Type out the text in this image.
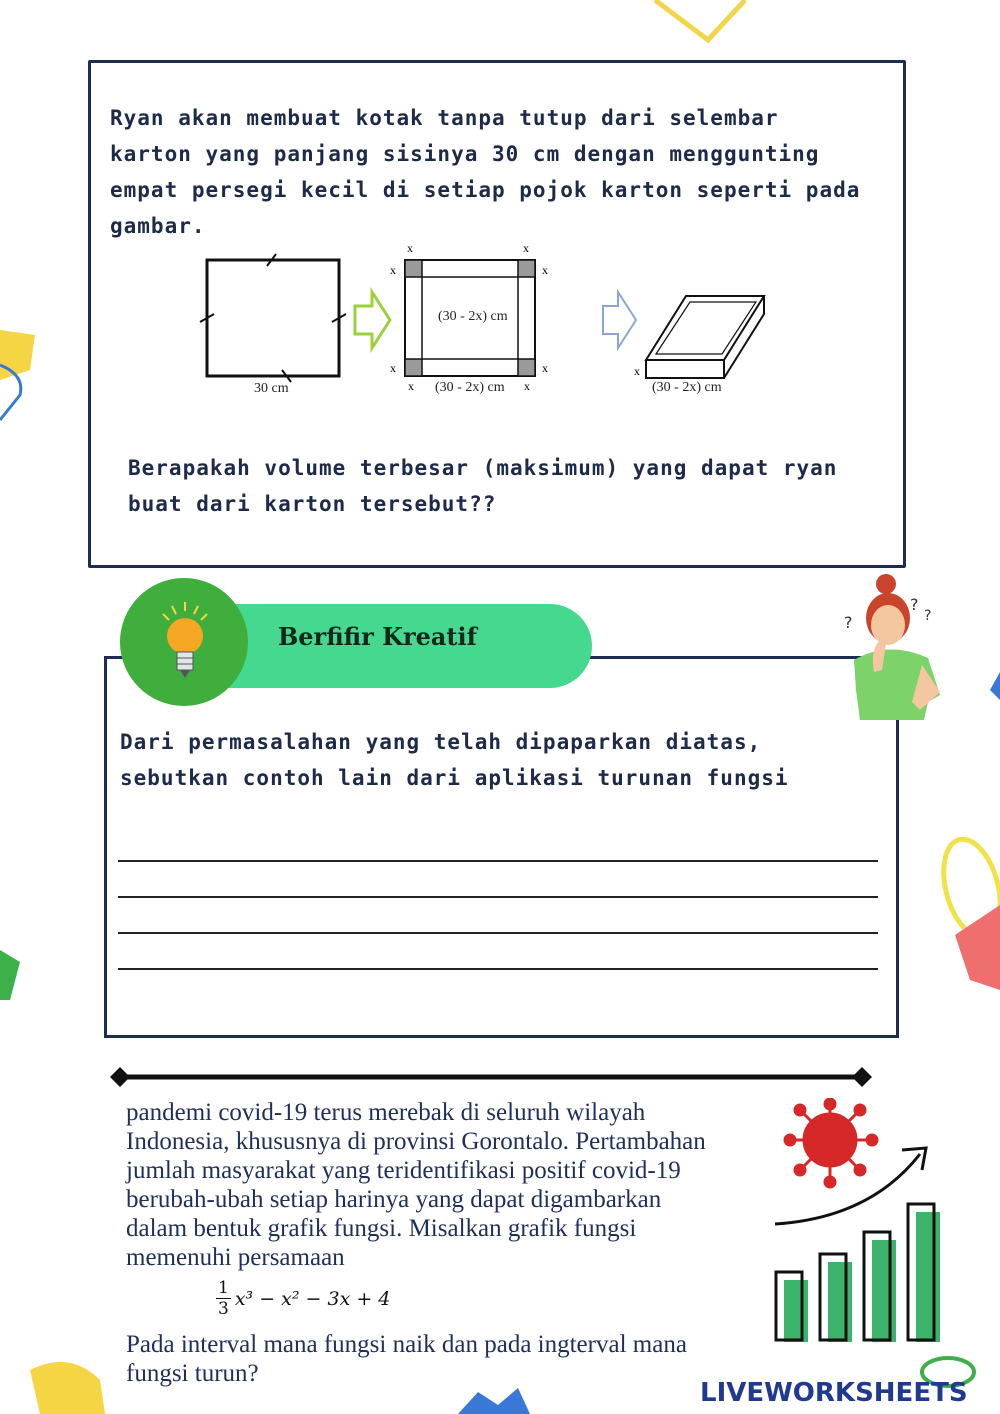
Ryan akan membuat kotak tanpa tutup dari selembar
karton yang panjang sisinya 30 cm dengan menggunting
empat persegi kecil di setiap pojok karton seperti pada
gambar.
30 cm
x	x
x	x
x	x
x	x
(30 - 2x) cm
(30 - 2x) cm
x
(30 - 2x) cm
Berapakah volume terbesar (maksimum) yang dapat ryan
buat dari karton tersebut??
Berfifir Kreatif	?
?
?
Dari permasalahan yang telah dipaparkan diatas,
sebutkan contoh lain dari aplikasi turunan fungsi
pandemi covid-19 terus merebak di seluruh wilayah
Indonesia, khususnya di provinsi Gorontalo. Pertambahan
jumlah masyarakat yang teridentifikasi positif covid-19
berubah-ubah setiap harinya yang dapat digambarkan
dalam bentuk grafik fungsi. Misalkan grafik fungsi
memenuhi persamaan
$\frac{1}{3} x^3 - x^2 - 3x + 4$
Pada interval mana fungsi naik dan pada ingterval mana
fungsi turun?
LIVEWORKSHEETS
